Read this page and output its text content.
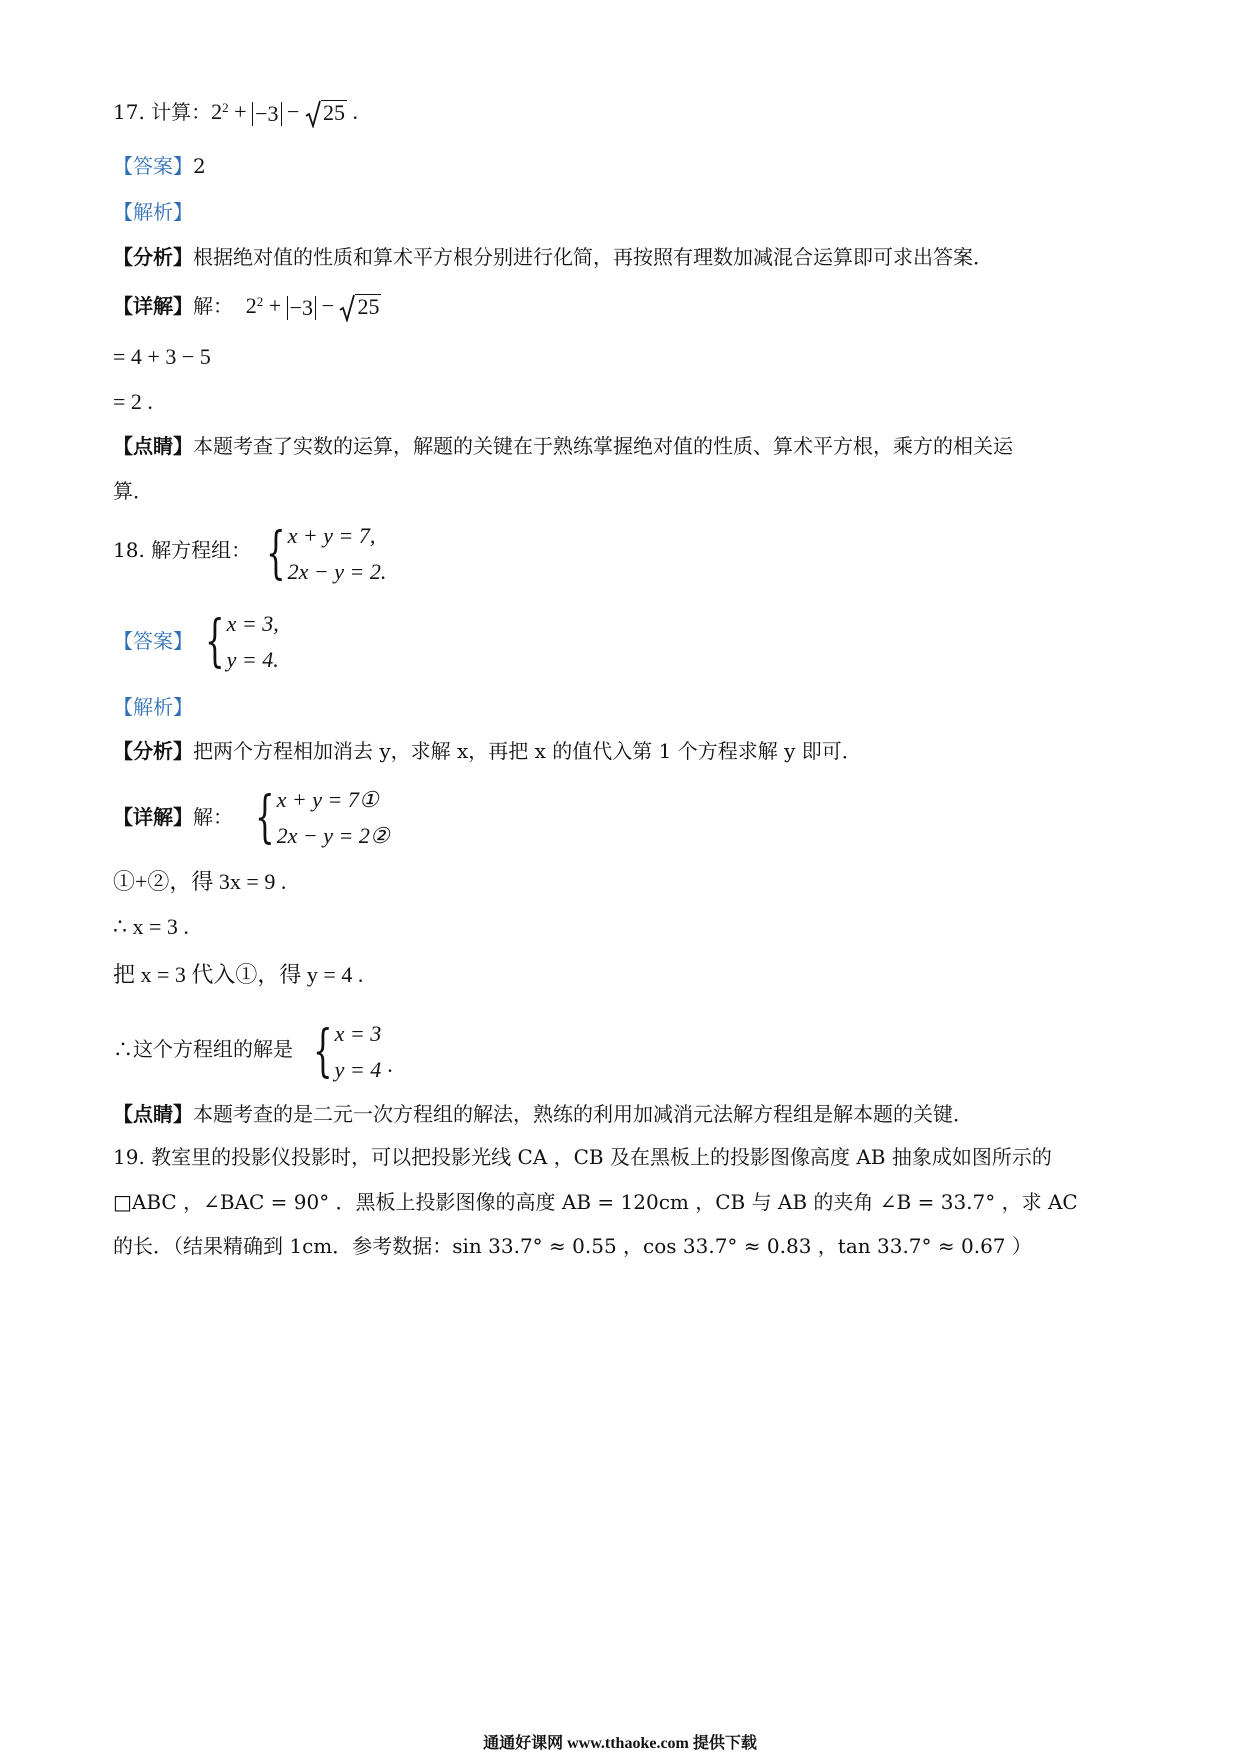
17. 计算：$2^2 + -3 - 25$ .
【答案】2
【解析】
【分析】根据绝对值的性质和算术平方根分别进行化简，再按照有理数加减混合运算即可求出答案．
【详解】解： $2^2 + -3 - 25$
= 4 + 3 − 5
= 2 .
【点睛】本题考查了实数的运算，解题的关键在于熟练掌握绝对值的性质、算术平方根，乘方的相关运
算．
18. 解方程组： { x + y = 7,
2x − y = 2.
【答案】 { x = 3,
y = 4.
【解析】
【分析】把两个方程相加消去 y，求解 x，再把 x 的值代入第 1 个方程求解 y 即可．
【详解】解： { x + y = 7①
2x − y = 2②
①+②，得 3x = 9 .
∴ x = 3 .
把 x = 3 代入①，得 y = 4 .
∴这个方程组的解是 { x = 3
y = 4 .
【点睛】本题考查的是二元一次方程组的解法，熟练的利用加减消元法解方程组是解本题的关键．
19. 教室里的投影仪投影时，可以把投影光线 CA ，CB 及在黑板上的投影图像高度 AB 抽象成如图所示的
□ABC ，∠BAC = 90° ．黑板上投影图像的高度 AB = 120cm ，CB 与 AB 的夹角 ∠B = 33.7° ，求 AC
的长．（结果精确到 1cm．参考数据：sin 33.7° ≈ 0.55 ，cos 33.7° ≈ 0.83 ，tan 33.7° ≈ 0.67 ）
通通好课网 www.tthaoke.com 提供下载
